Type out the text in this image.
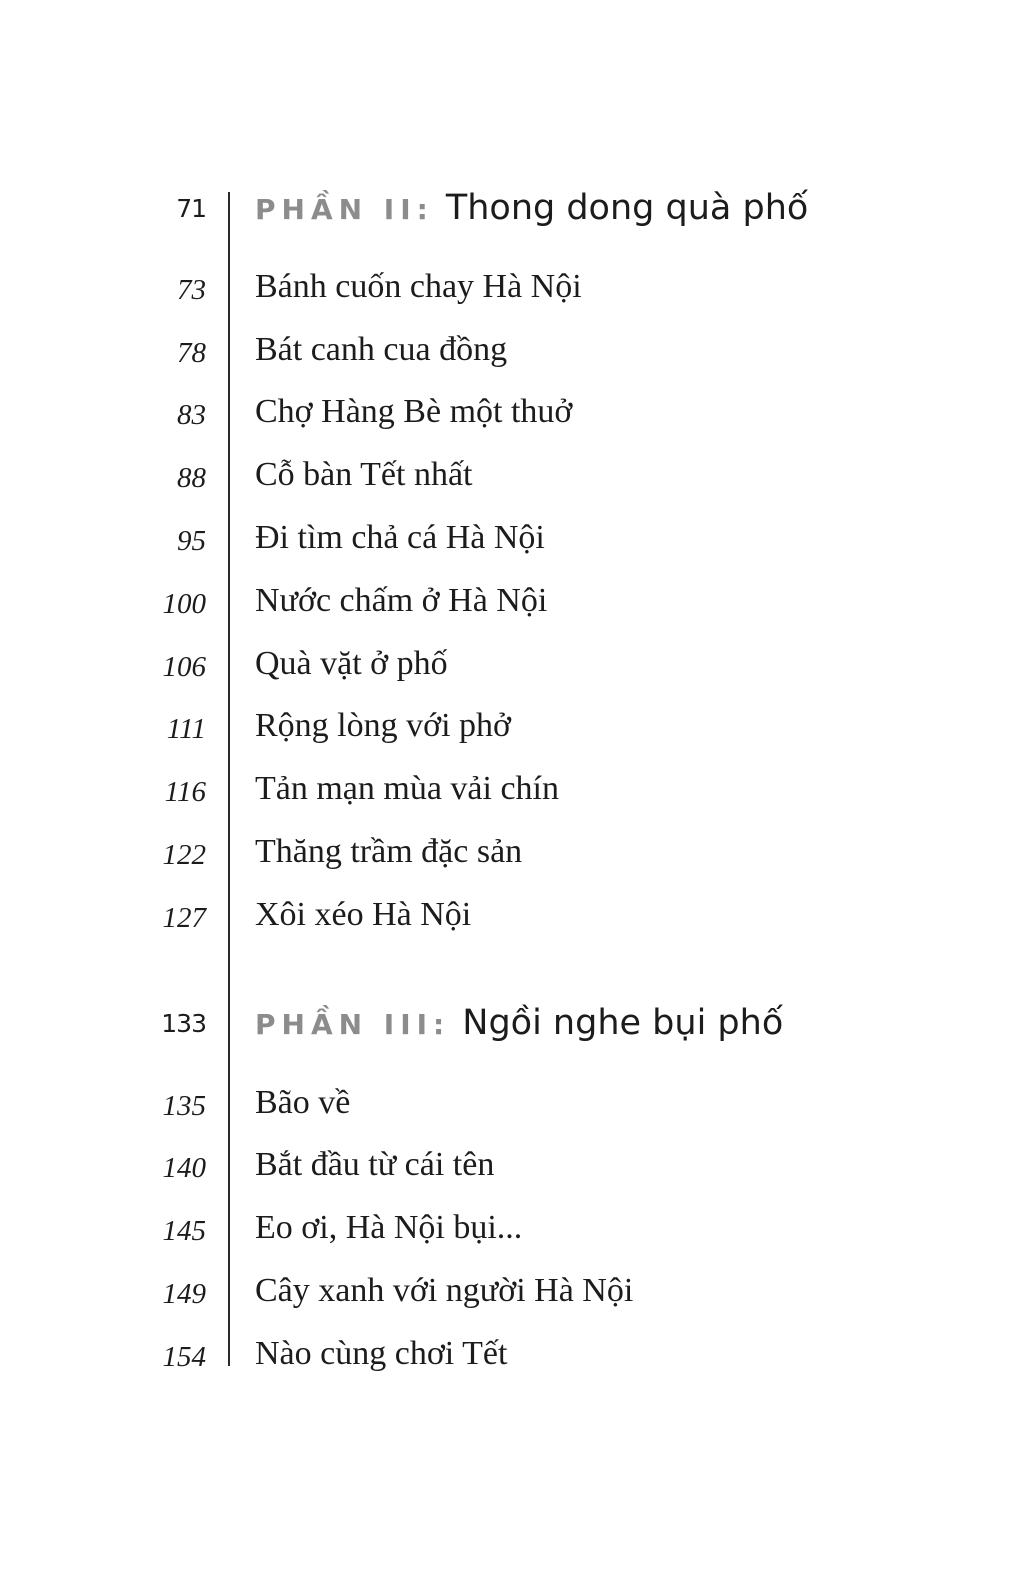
71 PHẦN II: Thong dong quà phố
73 Bánh cuốn chay Hà Nội
78 Bát canh cua đồng
83 Chợ Hàng Bè một thuở
88 Cỗ bàn Tết nhất
95 Đi tìm chả cá Hà Nội
100 Nước chấm ở Hà Nội
106 Quà vặt ở phố
111 Rộng lòng với phở
116 Tản mạn mùa vải chín
122 Thăng trầm đặc sản
127 Xôi xéo Hà Nội
133 PHẦN III: Ngồi nghe bụi phố
135 Bão về
140 Bắt đầu từ cái tên
145 Eo ơi, Hà Nội bụi...
149 Cây xanh với người Hà Nội
154 Nào cùng chơi Tết
